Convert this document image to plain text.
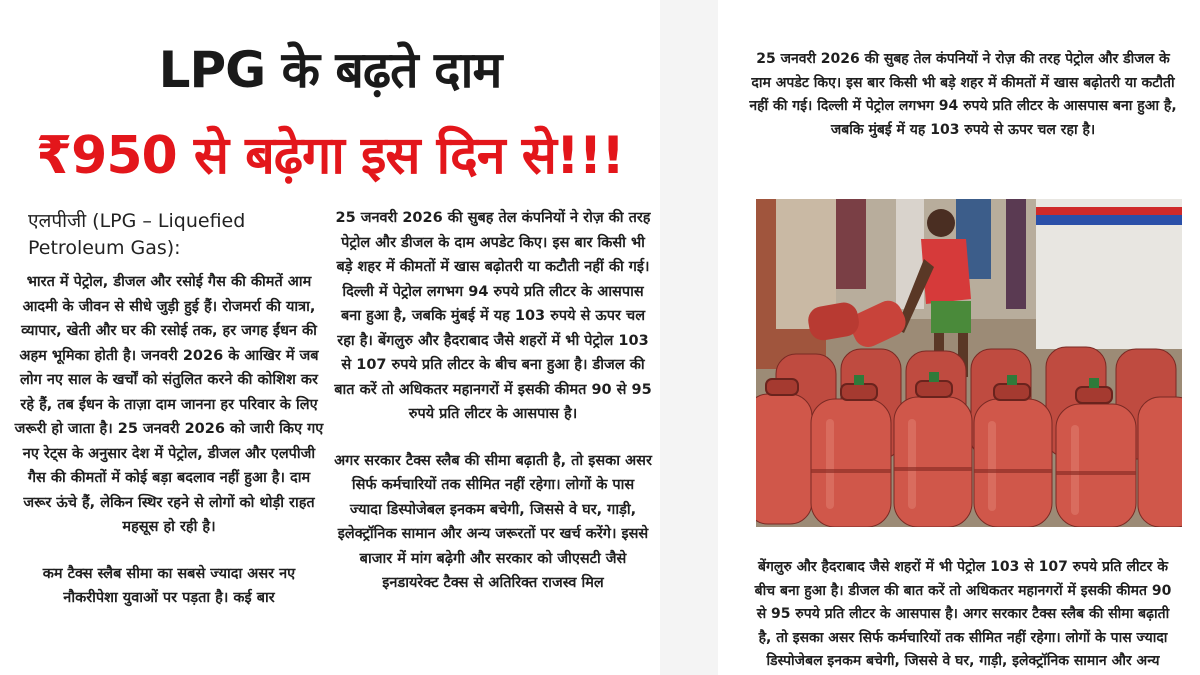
LPG के बढ़ते दाम
₹950 से बढ़ेगा इस दिन से!!!
एलपीजी (LPG – Liquefied Petroleum Gas):

भारत में पेट्रोल, डीजल और रसोई गैस की कीमतें आम आदमी के जीवन से सीधे जुड़ी हुई हैं। रोजमर्रा की यात्रा, व्यापार, खेती और घर की रसोई तक, हर जगह ईंधन की अहम भूमिका होती है। जनवरी 2026 के आखिर में जब लोग नए साल के खर्चों को संतुलित करने की कोशिश कर रहे हैं, तब ईंधन के ताज़ा दाम जानना हर परिवार के लिए जरूरी हो जाता है। 25 जनवरी 2026 को जारी किए गए नए रेट्स के अनुसार देश में पेट्रोल, डीजल और एलपीजी गैस की कीमतों में कोई बड़ा बदलाव नहीं हुआ है। दाम जरूर ऊंचे हैं, लेकिन स्थिर रहने से लोगों को थोड़ी राहत महसूस हो रही है।

कम टैक्स स्लैब सीमा का सबसे ज्यादा असर नए नौकरीपेशा युवाओं पर पड़ता है। कई बार

25 जनवरी 2026 की सुबह तेल कंपनियों ने रोज़ की तरह पेट्रोल और डीजल के दाम अपडेट किए। इस बार किसी भी बड़े शहर में कीमतों में खास बढ़ोतरी या कटौती नहीं की गई। दिल्ली में पेट्रोल लगभग 94 रुपये प्रति लीटर के आसपास बना हुआ है, जबकि मुंबई में यह 103 रुपये से ऊपर चल रहा है। बेंगलुरु और हैदराबाद जैसे शहरों में भी पेट्रोल 103 से 107 रुपये प्रति लीटर के बीच बना हुआ है। डीजल की बात करें तो अधिकतर महानगरों में इसकी कीमत 90 से 95 रुपये प्रति लीटर के आसपास है।

अगर सरकार टैक्स स्लैब की सीमा बढ़ाती है, तो इसका असर सिर्फ कर्मचारियों तक सीमित नहीं रहेगा। लोगों के पास ज्यादा डिस्पोजेबल इनकम बचेगी, जिससे वे घर, गाड़ी, इलेक्ट्रॉनिक सामान और अन्य जरूरतों पर खर्च करेंगे। इससे बाजार में मांग बढ़ेगी और सरकार को जीएसटी जैसे इनडायरेक्ट टैक्स से अतिरिक्त राजस्व मिल

25 जनवरी 2026 की सुबह तेल कंपनियों ने रोज़ की तरह पेट्रोल और डीजल के दाम अपडेट किए। इस बार किसी भी बड़े शहर में कीमतों में खास बढ़ोतरी या कटौती नहीं की गई। दिल्ली में पेट्रोल लगभग 94 रुपये प्रति लीटर के आसपास बना हुआ है, जबकि मुंबई में यह 103 रुपये से ऊपर चल रहा है।
बेंगलुरु और हैदराबाद जैसे शहरों में भी पेट्रोल 103 से 107 रुपये प्रति लीटर के बीच बना हुआ है। डीजल की बात करें तो अधिकतर महानगरों में इसकी कीमत 90 से 95 रुपये प्रति लीटर के आसपास है। अगर सरकार टैक्स स्लैब की सीमा बढ़ाती है, तो इसका असर सिर्फ कर्मचारियों तक सीमित नहीं रहेगा। लोगों के पास ज्यादा डिस्पोजेबल इनकम बचेगी, जिससे वे घर, गाड़ी, इलेक्ट्रॉनिक सामान और अन्य
